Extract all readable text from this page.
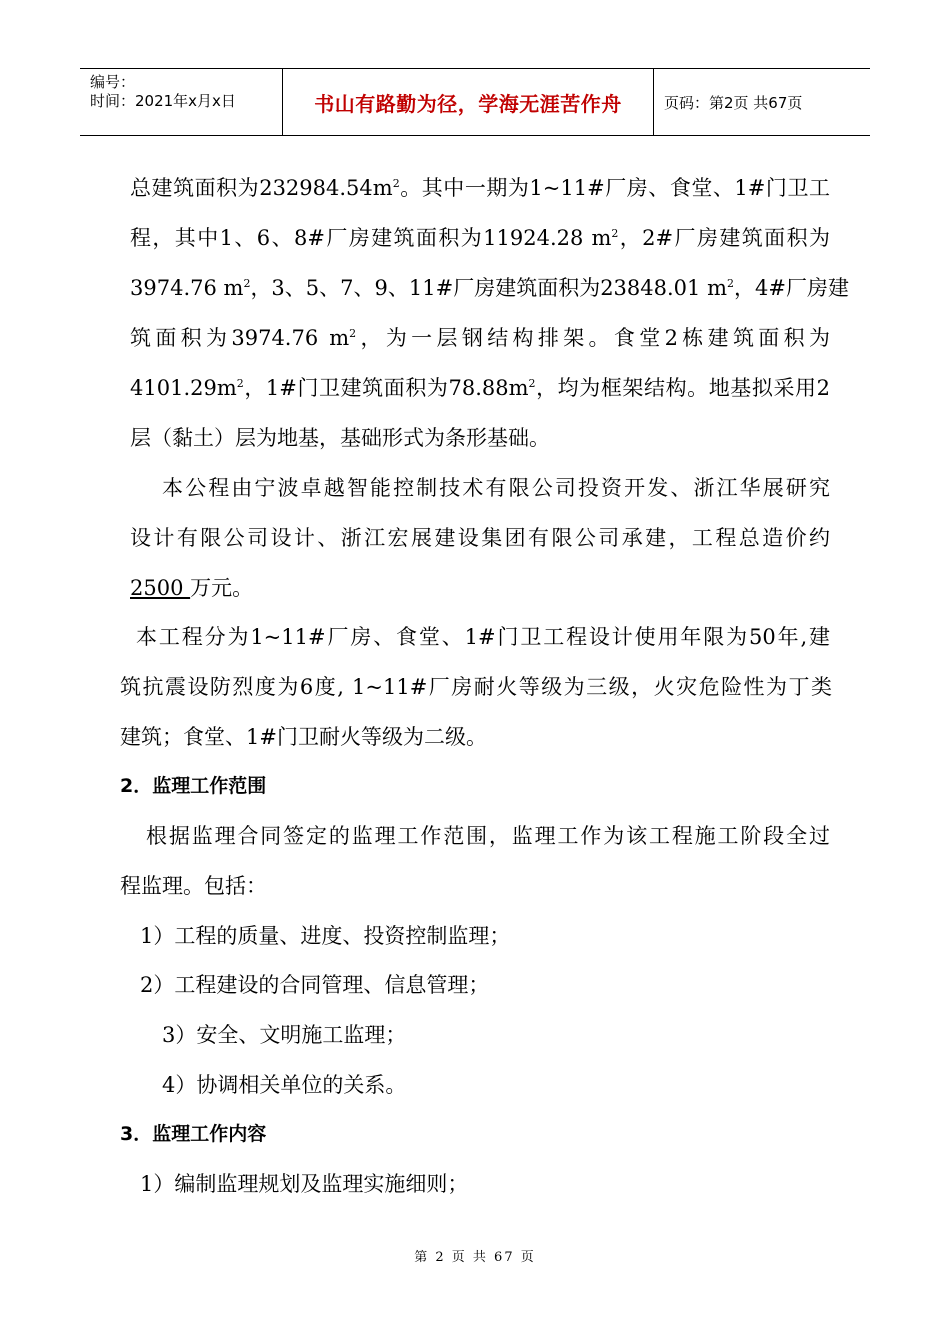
编号：
时间：2021年x月x日	书山有路勤为径，学海无涯苦作舟	页码：第2页 共67页
总建筑面积为$232984.54m^2$。其中一期为1~11#厂房、食堂、1#门卫工
程，其中1、6、8#厂房建筑面积为11924.28 $m^2$，2#厂房建筑面积为
3974.76 $m^2$，3、5、7、9、11#厂房建筑面积为23848.01 $m^2$，4#厂房建
筑面积为3974.76 $m^2$，为一层钢结构排架。食堂2栋建筑面积为
$4101.29m^2$，1#门卫建筑面积为$78.88m^2$，均为框架结构。地基拟采用2
层（黏土）层为地基，基础形式为条形基础。
本公程由宁波卓越智能控制技术有限公司投资开发、浙江华展研究
设计有限公司设计、浙江宏展建设集团有限公司承建，工程总造价约
2500 万元。
本工程分为1~11#厂房、食堂、1#门卫工程设计使用年限为50年,建
筑抗震设防烈度为6度, 1~11#厂房耐火等级为三级，火灾危险性为丁类
建筑；食堂、1#门卫耐火等级为二级。
2．监理工作范围
根据监理合同签定的监理工作范围，监理工作为该工程施工阶段全过
程监理。包括：
1）工程的质量、进度、投资控制监理；
2）工程建设的合同管理、信息管理；
3）安全、文明施工监理；
4）协调相关单位的关系。
3．监理工作内容
1）编制监理规划及监理实施细则；
第 2 页 共 67 页
